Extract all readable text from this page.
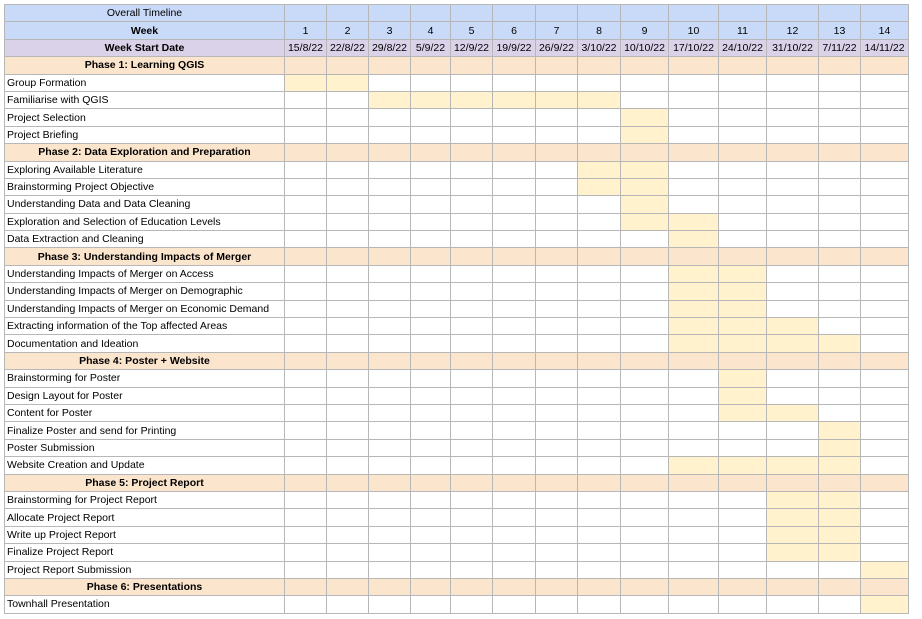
Overall Timeline														
Week	1	2	3	4	5	6	7	8	9	10	11	12	13	14
Week Start Date	15/8/22	22/8/22	29/8/22	5/9/22	12/9/22	19/9/22	26/9/22	3/10/22	10/10/22	17/10/22	24/10/22	31/10/22	7/11/22	14/11/22
Phase 1: Learning QGIS														
Group Formation														
Familiarise with QGIS														
Project Selection														
Project Briefing														
Phase 2: Data Exploration and Preparation														
Exploring Available Literature														
Brainstorming Project Objective														
Understanding Data and Data Cleaning														
Exploration and Selection of Education Levels														
Data Extraction and Cleaning														
Phase 3: Understanding Impacts of Merger														
Understanding Impacts of Merger on Access														
Understanding Impacts of Merger on Demographic														
Understanding Impacts of Merger on Economic Demand														
Extracting information of the Top affected Areas														
Documentation and Ideation														
Phase 4: Poster + Website														
Brainstorming for Poster														
Design Layout for Poster														
Content for Poster														
Finalize Poster and send for Printing														
Poster Submission														
Website Creation and Update														
Phase 5: Project Report														
Brainstorming for Project Report														
Allocate Project Report														
Write up Project Report														
Finalize Project Report														
Project Report Submission														
Phase 6: Presentations														
Townhall Presentation														
